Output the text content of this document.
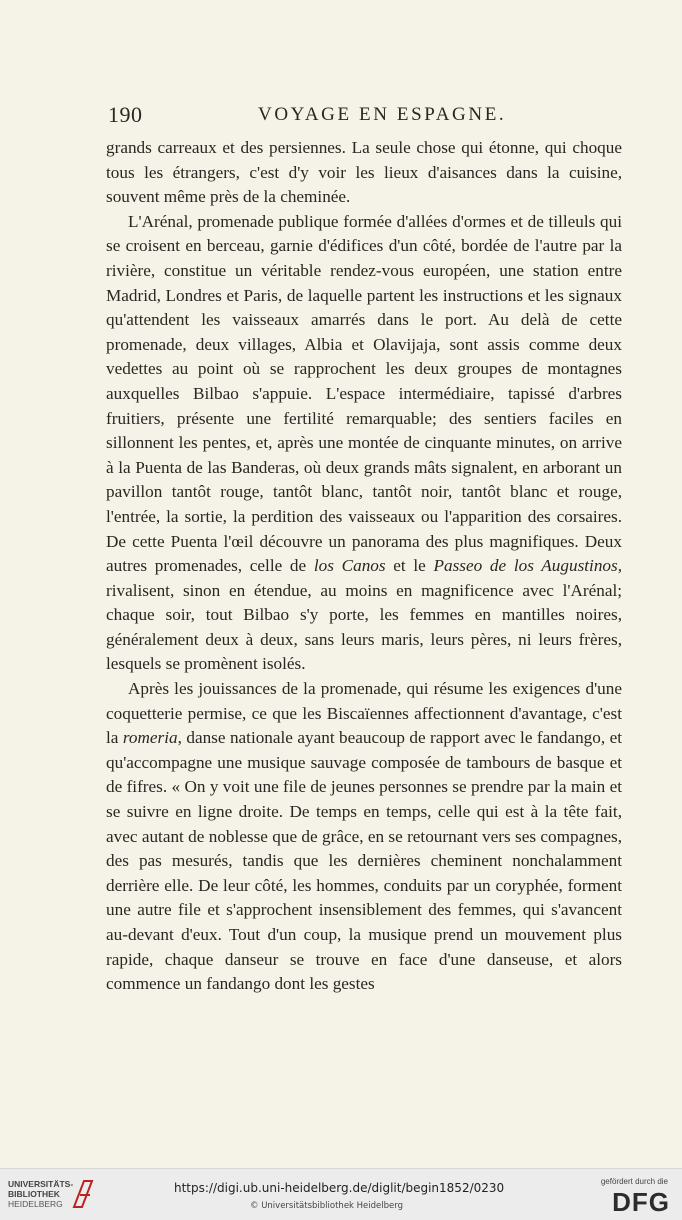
190	VOYAGE EN ESPAGNE.

grands carreaux et des persiennes. La seule chose qui étonne, qui choque tous les étrangers, c'est d'y voir les lieux d'aisances dans la cuisine, souvent même près de la cheminée.

L'Arénal, promenade publique formée d'allées d'ormes et de tilleuls qui se croisent en berceau, garnie d'édifices d'un côté, bordée de l'autre par la rivière, constitue un véritable rendez-vous européen, une station entre Madrid, Londres et Paris, de laquelle partent les instructions et les signaux qu'attendent les vaisseaux amarrés dans le port. Au delà de cette promenade, deux villages, Albia et Olavijaja, sont assis comme deux vedettes au point où se rapprochent les deux groupes de montagnes auxquelles Bilbao s'appuie. L'espace intermédiaire, tapissé d'arbres fruitiers, présente une fertilité remarquable; des sentiers faciles en sillonnent les pentes, et, après une montée de cinquante minutes, on arrive à la Puenta de las Banderas, où deux grands mâts signalent, en arborant un pavillon tantôt rouge, tantôt blanc, tantôt noir, tantôt blanc et rouge, l'entrée, la sortie, la perdition des vaisseaux ou l'apparition des corsaires. De cette Puenta l'œil découvre un panorama des plus magnifiques. Deux autres promenades, celle de los Canos et le Passeo de los Augustinos, rivalisent, sinon en étendue, au moins en magnificence avec l'Arénal; chaque soir, tout Bilbao s'y porte, les femmes en mantilles noires, généralement deux à deux, sans leurs maris, leurs pères, ni leurs frères, lesquels se promènent isolés.

Après les jouissances de la promenade, qui résume les exigences d'une coquetterie permise, ce que les Biscaïennes affectionnent d'avantage, c'est la romeria, danse nationale ayant beaucoup de rapport avec le fandango, et qu'accompagne une musique sauvage composée de tambours de basque et de fifres. « On y voit une file de jeunes personnes se prendre par la main et se suivre en ligne droite. De temps en temps, celle qui est à la tête fait, avec autant de noblesse que de grâce, en se retournant vers ses compagnes, des pas mesurés, tandis que les dernières cheminent nonchalamment derrière elle. De leur côté, les hommes, conduits par un coryphée, forment une autre file et s'approchent insensiblement des femmes, qui s'avancent au-devant d'eux. Tout d'un coup, la musique prend un mouvement plus rapide, chaque danseur se trouve en face d'une danseuse, et alors commence un fandango dont les gestes

UNIVERSITÄTS-
BIBLIOTHEK
HEIDELBERG
https://digi.ub.uni-heidelberg.de/diglit/begin1852/0230
© Universitätsbibliothek Heidelberg
gefördert durch die
DFG
